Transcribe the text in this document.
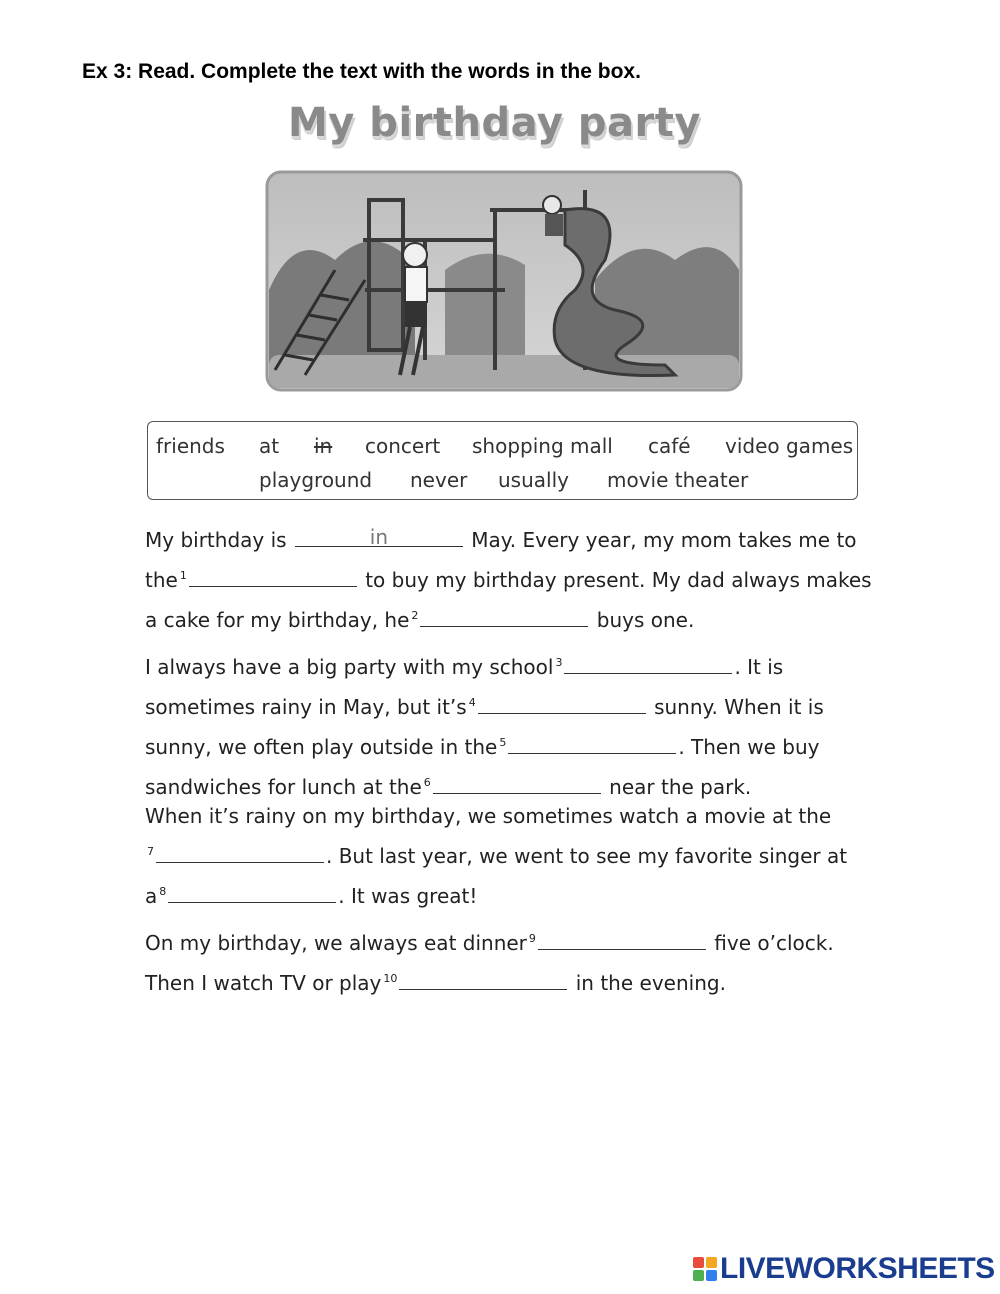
Ex 3: Read. Complete the text with the words in the box.
My birthday party
friends at in concert shopping mall café video games
playground never usually movie theater

My birthday is	in	May. Every year, my mom takes me to

the $^1$	to buy my birthday present. My dad always makes

a cake for my birthday, he $^2$	buys one.

I always have a big party with my school $^3$	. It is

sometimes rainy in May, but it’s $^4$	sunny. When it is

sunny, we often play outside in the $^5$	. Then we buy

sandwiches for lunch at the $^6$	near the park.

When it’s rainy on my birthday, we sometimes watch a movie at the

$^7$	. But last year, we went to see my favorite singer at

a $^8$	. It was great!

On my birthday, we always eat dinner $^9$	five o’clock.

Then I watch TV or play $^{10}$	in the evening.

LIVEWORKSHEETS
